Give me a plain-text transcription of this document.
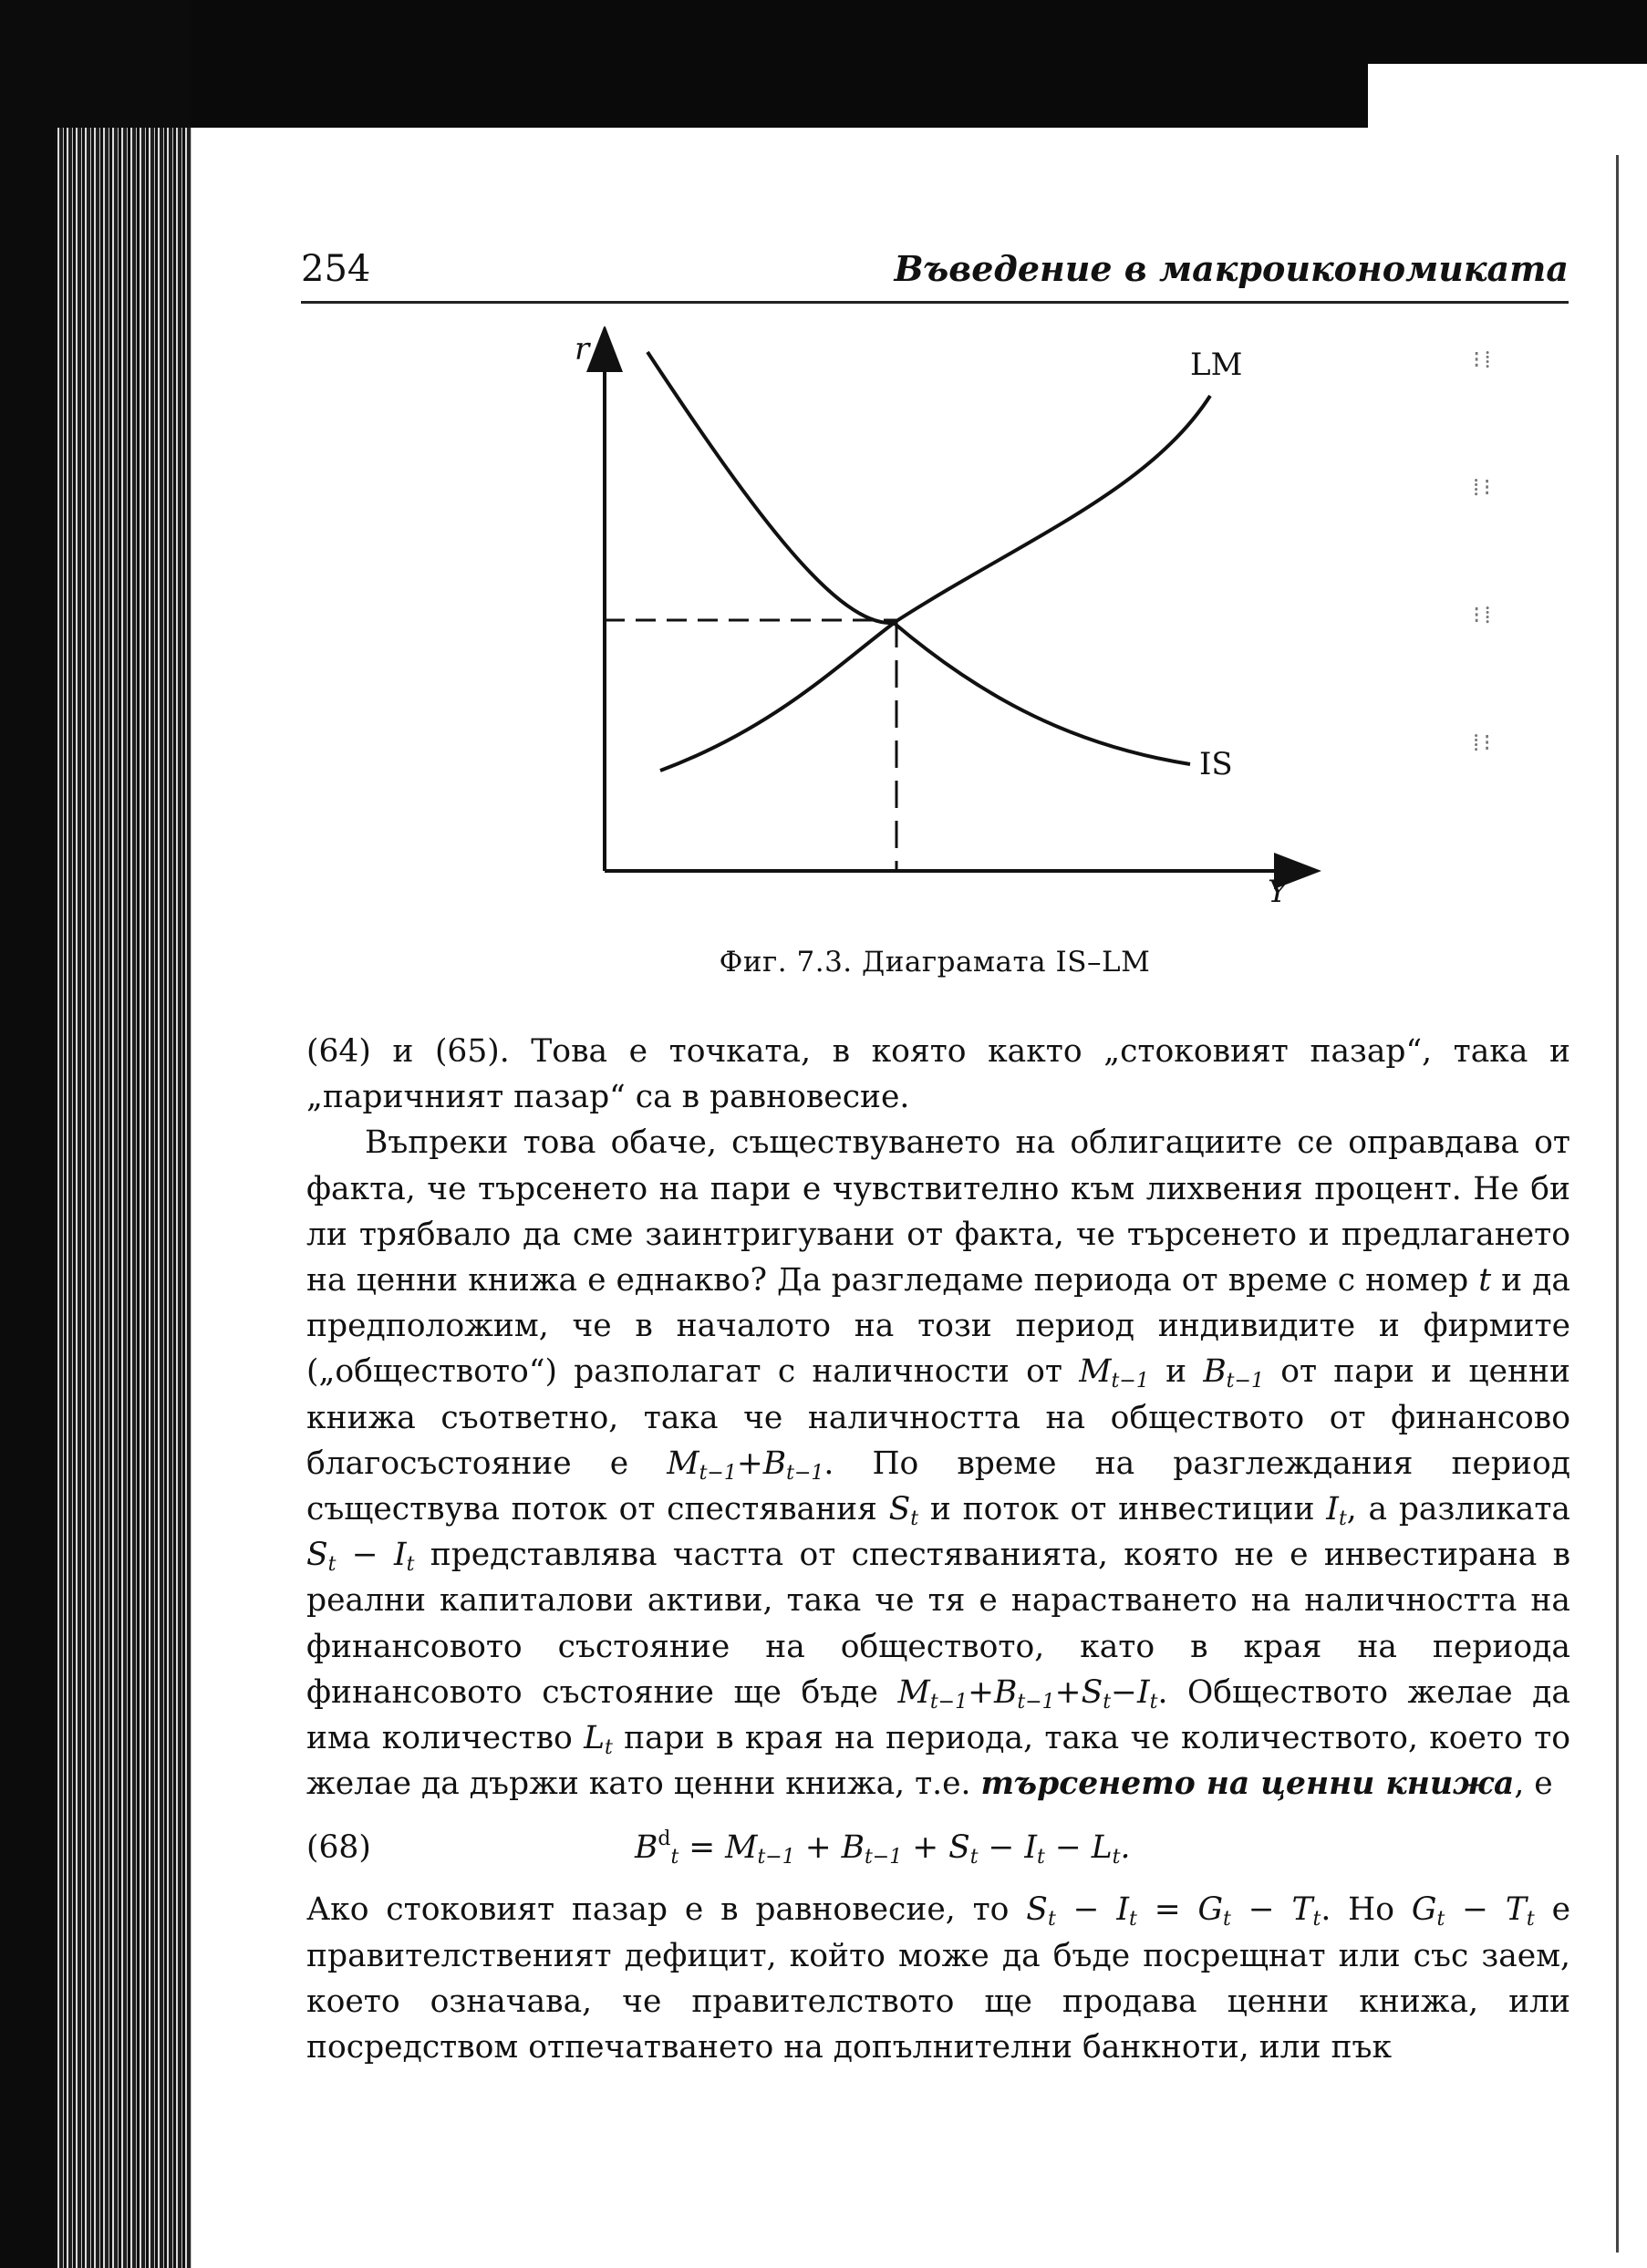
254	Въведение в макроикономиката
r
Y
LM
IS
Фиг. 7.3. Диаграмата IS–LM
⁝ ⁞
⁞ ⁝
⁝ ⁞
⁞ ⁝

(64) и (65). Това е точката, в която както „стоковият пазар“, така и „паричният пазар“ са в равновесие.

Въпреки това обаче, съществуването на облигациите се оправдава от факта, че търсенето на пари е чувствително към лихвения процент. Не би ли трябвало да сме заинтригувани от факта, че търсенето и предлагането на ценни книжа е еднакво? Да разгледаме периода от време с номер t и да предположим, че в началото на този период индивидите и фирмите („обществото“) разполагат с наличности от $M_{t-1}$ и $B_{t-1}$ от пари и ценни книжа съответно, така че наличността на обществото от финансово благосъстояние е $M_{t-1}+B_{t-1}$. По време на разглеждания период съществува поток от спестявания $S_t$ и поток от инвестиции $I_t$, а разликата $S_t - I_t$ представлява частта от спестяванията, която не е инвестирана в реални капиталови активи, така че тя е нарастването на наличността на финансовото състояние на обществото, като в края на периода финансовото състояние ще бъде $M_{t-1}+B_{t-1}+S_t-I_t$. Обществото желае да има количество $L_t$ пари в края на периода, така че количеството, което то желае да държи като ценни книжа, т.е. търсенето на ценни книжа, е

(68)	$B^d_t = M_{t-1} + B_{t-1} + S_t - I_t - L_t$.

Ако стоковият пазар е в равновесие, то $S_t - I_t = G_t - T_t$. Но $G_t - T_t$ е правителственият дефицит, който може да бъде посрещнат или със заем, което означава, че правителството ще продава ценни книжа, или посредством отпечатването на допълнителни банкноти, или пък
